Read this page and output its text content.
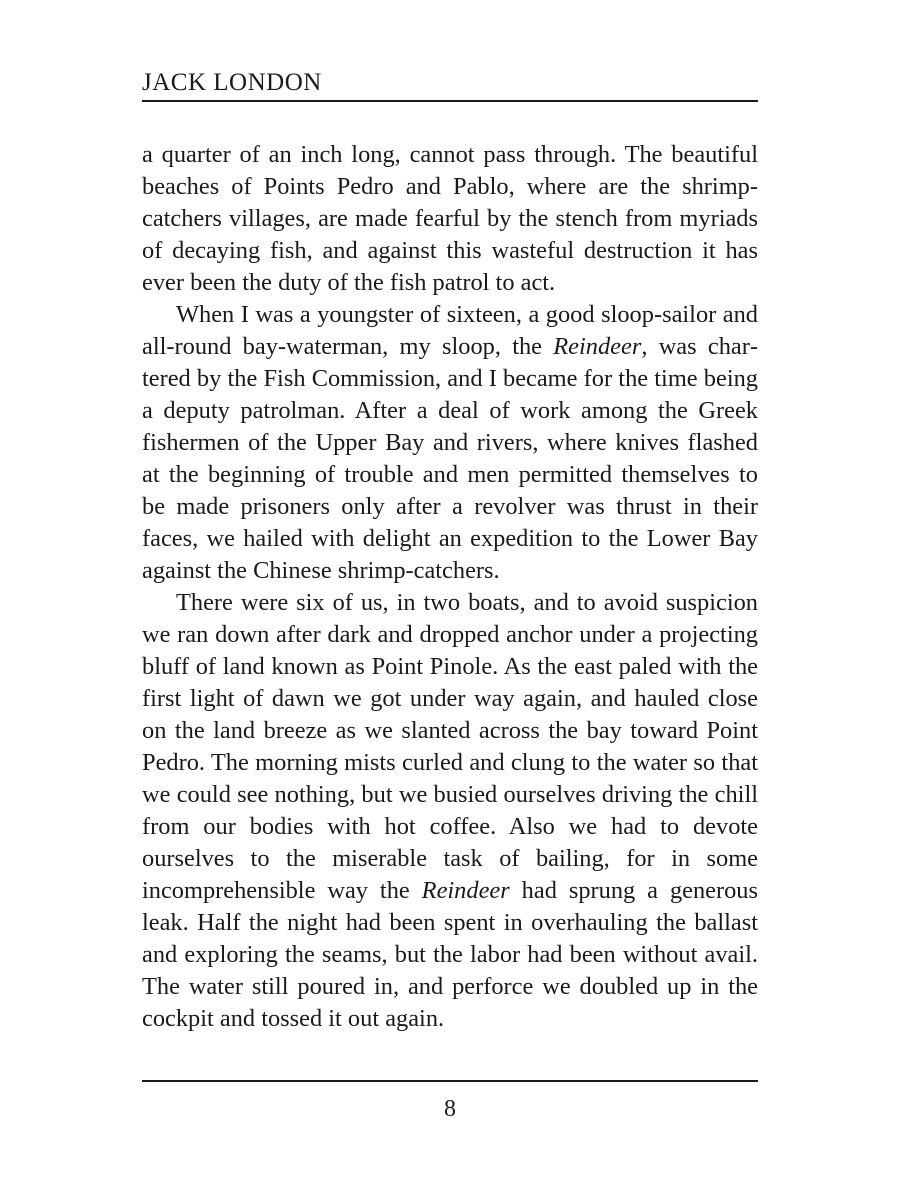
JACK LONDON

a quarter of an inch long, cannot pass through. The beautiful beaches of Points Pedro and Pablo, where are the shrimp-catchers villages, are made fearful by the stench from myriads of decaying fish, and against this wasteful destruction it has ever been the duty of the fish patrol to act.

When I was a youngster of sixteen, a good sloop-sailor and all-round bay-waterman, my sloop, the Reindeer, was chartered by the Fish Commission, and I became for the time being a deputy patrolman. After a deal of work among the Greek fishermen of the Upper Bay and rivers, where knives flashed at the beginning of trouble and men permitted themselves to be made prisoners only after a revolver was thrust in their faces, we hailed with delight an expedition to the Lower Bay against the Chinese shrimp-catchers.

There were six of us, in two boats, and to avoid suspicion we ran down after dark and dropped anchor under a projecting bluff of land known as Point Pinole. As the east paled with the first light of dawn we got under way again, and hauled close on the land breeze as we slanted across the bay toward Point Pedro. The morning mists curled and clung to the water so that we could see nothing, but we busied ourselves driving the chill from our bodies with hot coffee. Also we had to devote ourselves to the miserable task of bailing, for in some incomprehensible way the Reindeer had sprung a generous leak. Half the night had been spent in overhauling the ballast and exploring the seams, but the labor had been without avail. The water still poured in, and perforce we doubled up in the cockpit and tossed it out again.

8
